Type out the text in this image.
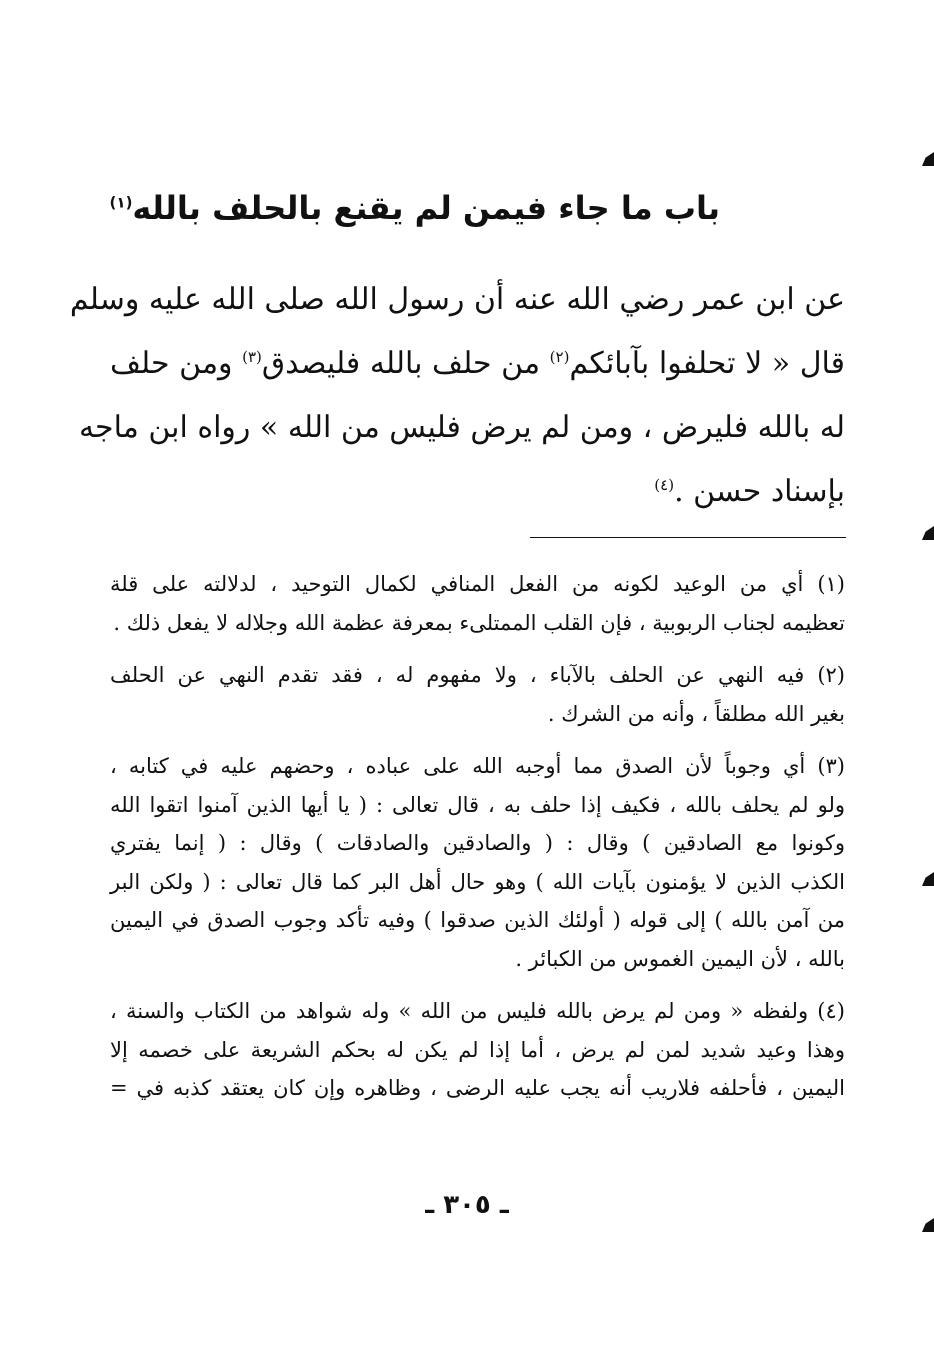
باب ما جاء فيمن لم يقنع بالحلف بالله$^{(١)}$
عن ابن عمر رضي الله عنه أن رسول الله صلى الله عليه وسلم
قال « لا تحلفوا بآبائكم$^{(٢)}$ من حلف بالله فليصدق$^{(٣)}$ ومن حلف
له بالله فليرض ، ومن لم يرض فليس من الله » رواه ابن ماجه
بإسناد حسن .$^{(٤)}$
(١) أي من الوعيد لكونه من الفعل المنافي لكمال التوحيد ، لدلالته على قلة
تعظيمه لجناب الربوبية ، فإن القلب الممتلىء بمعرفة عظمة الله وجلاله لا يفعل ذلك .
(٢) فيه النهي عن الحلف بالآباء ، ولا مفهوم له ، فقد تقدم النهي عن الحلف
بغير الله مطلقاً ، وأنه من الشرك .
(٣) أي وجوباً لأن الصدق مما أوجبه الله على عباده ، وحضهم عليه في كتابه ،
ولو لم يحلف بالله ، فكيف إذا حلف به ، قال تعالى : ( يا أيها الذين آمنوا اتقوا الله
وكونوا مع الصادقين ) وقال : ( والصادقين والصادقات ) وقال : ( إنما يفتري
الكذب الذين لا يؤمنون بآيات الله ) وهو حال أهل البر كما قال تعالى : ( ولكن البر
من آمن بالله ) إلى قوله ( أولئك الذين صدقوا ) وفيه تأكد وجوب الصدق في اليمين
بالله ، لأن اليمين الغموس من الكبائر .
(٤) ولفظه « ومن لم يرض بالله فليس من الله » وله شواهد من الكتاب والسنة ،
وهذا وعيد شديد لمن لم يرض ، أما إذا لم يكن له بحكم الشريعة على خصمه إلا
اليمين ، فأحلفه فلاريب أنه يجب عليه الرضى ، وظاهره وإن كان يعتقد كذبه في =
ـ ٣٠٥ ـ
